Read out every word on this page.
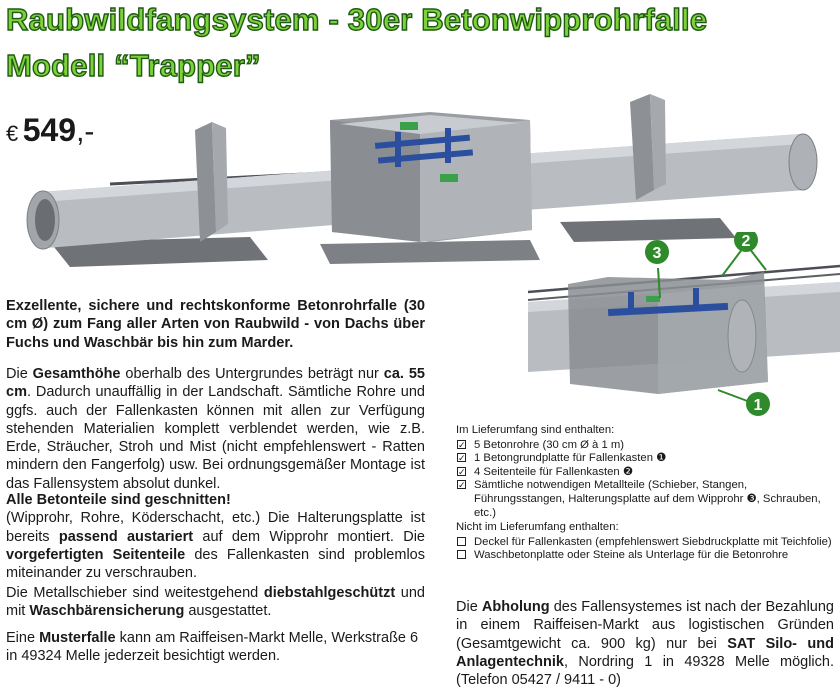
Raubwildfangsystem - 30er Betonwipprohrfalle
Modell “Trapper”
€ 549,-
3
2
1
Exzellente, sichere und rechtskonforme Betonrohrfalle (30 cm Ø) zum Fang aller Arten von Raubwild - von Dachs über Fuchs und Waschbär bis hin zum Marder.
Die Gesamthöhe oberhalb des Untergrundes beträgt nur ca. 55 cm. Dadurch unauffällig in der Landschaft. Sämtliche Rohre und ggfs. auch der Fallenkasten können mit allen zur Verfügung stehenden Materialien komplett verblendet werden, wie z.B. Erde, Sträucher, Stroh und Mist (nicht empfehlenswert - Ratten mindern den Fangerfolg) usw. Bei ordnungsgemäßer Montage ist das Fallensystem absolut dunkel.
Alle Betonteile sind geschnitten!
(Wipprohr, Rohre, Köderschacht, etc.) Die Halterungsplatte ist bereits passend austariert auf dem Wipprohr montiert. Die vorgefertigten Seitenteile des Fallenkasten sind problemlos miteinander zu verschrauben.
Die Metallschieber sind weitestgehend diebstahlgeschützt und mit Waschbärensicherung ausgestattet.
Eine Musterfalle kann am Raiffeisen-Markt Melle, Werkstraße 6 in 49324 Melle jederzeit besichtigt werden.
Im Lieferumfang sind enthalten:
✓ 5 Betonrohre (30 cm Ø à 1 m)
✓ 1 Betongrundplatte für Fallenkasten ❶
✓ 4 Seitenteile für Fallenkasten ❷
✓ Sämtliche notwendigen Metallteile (Schieber, Stangen, Führungsstangen, Halterungsplatte auf dem Wipprohr ❸, Schrauben, etc.)
Nicht im Lieferumfang enthalten:
Deckel für Fallenkasten (empfehlenswert Siebdruckplatte mit Teichfolie)
Waschbetonplatte oder Steine als Unterlage für die Betonrohre
Die Abholung des Fallensystemes ist nach der Bezahlung in einem Raiffeisen-Markt aus logistischen Gründen (Gesamtgewicht ca. 900 kg) nur bei SAT Silo- und Anlagentechnik, Nordring 1 in 49328 Melle möglich. (Telefon 05427 / 9411 - 0)
